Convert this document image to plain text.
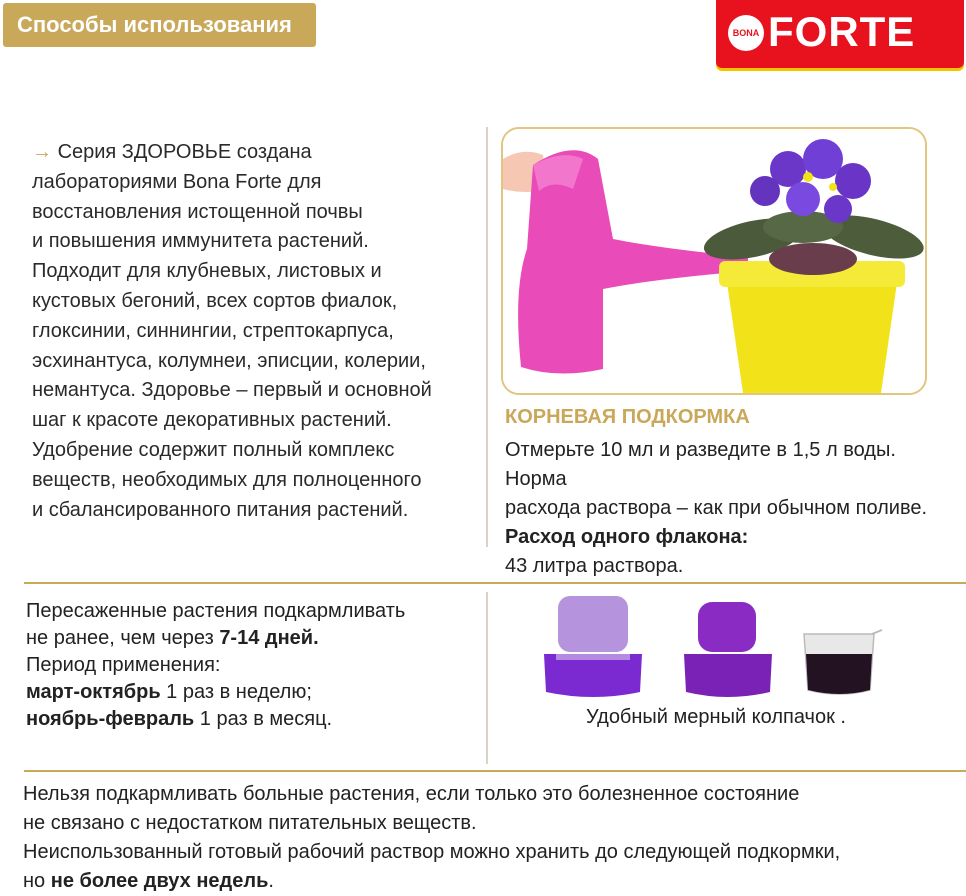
Способы использования	BONA FORTE
→ Серия ЗДОРОВЬЕ создана
лабораториями Bona Forte для
восстановления истощенной почвы
и повышения иммунитета растений.
Подходит для клубневых, листовых и
кустовых бегоний, всех сортов фиалок,
глоксинии, синнингии, стрептокарпуса,
эсхинантуса, колумнеи, эписции, колерии,
немантуса. Здоровье – первый и основной
шаг к красоте декоративных растений.
Удобрение содержит полный комплекс
веществ, необходимых для полноценного
и сбалансированного питания растений.
КОРНЕВАЯ ПОДКОРМКА
Отмерьте 10 мл и разведите в 1,5 л воды. Норма
расхода раствора – как при обычном поливе.
Расход одного флакона:
43 литра раствора.
Пересаженные растения подкармливать
не ранее, чем через 7-14 дней.
Период применения:
март-октябрь 1 раз в неделю;
ноябрь-февраль 1 раз в месяц.	Удобный мерный колпачок .
Нельзя подкармливать больные растения, если только это болезненное состояние
не связано с недостатком питательных веществ.
Неиспользованный готовый рабочий раствор можно хранить до следующей подкормки,
но не более двух недель.
